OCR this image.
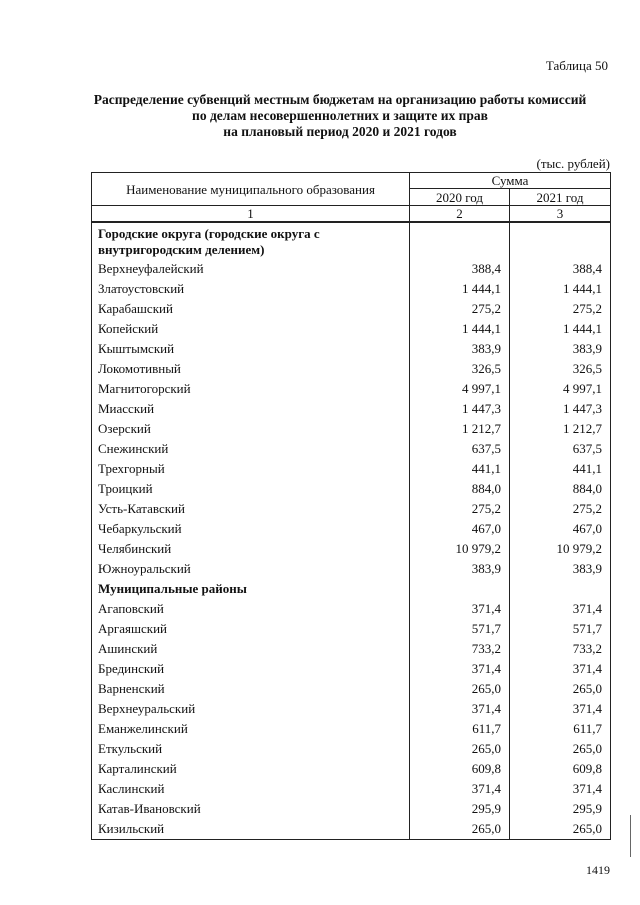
Таблица 50
Распределение субвенций местным бюджетам на организацию работы комиссий
по делам несовершеннолетних и защите их прав
на плановый период 2020 и 2021 годов
(тыс. рублей)
Наименование муниципального образования	Сумма	
	2020 год	2021 год
1	2	3
Городские округа (городские округа с внутригородским делением)		
Верхнеуфалейский	388,4	388,4
Златоустовский	1 444,1	1 444,1
Карабашский	275,2	275,2
Копейский	1 444,1	1 444,1
Кыштымский	383,9	383,9
Локомотивный	326,5	326,5
Магнитогорский	4 997,1	4 997,1
Миасский	1 447,3	1 447,3
Озерский	1 212,7	1 212,7
Снежинский	637,5	637,5
Трехгорный	441,1	441,1
Троицкий	884,0	884,0
Усть-Катавский	275,2	275,2
Чебаркульский	467,0	467,0
Челябинский	10 979,2	10 979,2
Южноуральский	383,9	383,9
Муниципальные районы		
Агаповский	371,4	371,4
Аргаяшский	571,7	571,7
Ашинский	733,2	733,2
Брединский	371,4	371,4
Варненский	265,0	265,0
Верхнеуральский	371,4	371,4
Еманжелинский	611,7	611,7
Еткульский	265,0	265,0
Карталинский	609,8	609,8
Каслинский	371,4	371,4
Катав-Ивановский	295,9	295,9
Кизильский	265,0	265,0
1419
